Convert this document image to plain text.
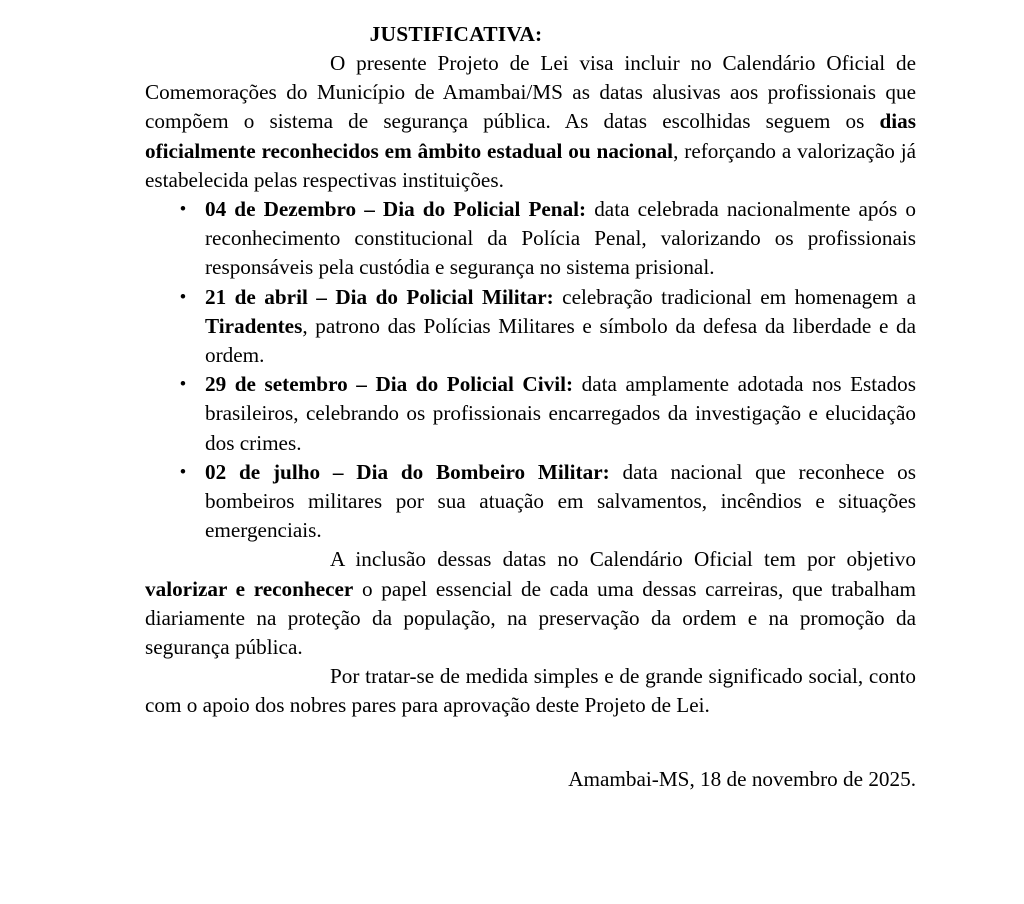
JUSTIFICATIVA:

O presente Projeto de Lei visa incluir no Calendário Oficial de Comemorações do Município de Amambai/MS as datas alusivas aos profissionais que compõem o sistema de segurança pública. As datas escolhidas seguem os dias oficialmente reconhecidos em âmbito estadual ou nacional, reforçando a valorização já estabelecida pelas respectivas instituições.

• 04 de Dezembro – Dia do Policial Penal: data celebrada nacionalmente após o reconhecimento constitucional da Polícia Penal, valorizando os profissionais responsáveis pela custódia e segurança no sistema prisional.
• 21 de abril – Dia do Policial Militar: celebração tradicional em homenagem a Tiradentes, patrono das Polícias Militares e símbolo da defesa da liberdade e da ordem.
• 29 de setembro – Dia do Policial Civil: data amplamente adotada nos Estados brasileiros, celebrando os profissionais encarregados da investigação e elucidação dos crimes.
• 02 de julho – Dia do Bombeiro Militar: data nacional que reconhece os bombeiros militares por sua atuação em salvamentos, incêndios e situações emergenciais.

A inclusão dessas datas no Calendário Oficial tem por objetivo valorizar e reconhecer o papel essencial de cada uma dessas carreiras, que trabalham diariamente na proteção da população, na preservação da ordem e na promoção da segurança pública.

Por tratar-se de medida simples e de grande significado social, conto com o apoio dos nobres pares para aprovação deste Projeto de Lei.

Amambai-MS, 18 de novembro de 2025.
